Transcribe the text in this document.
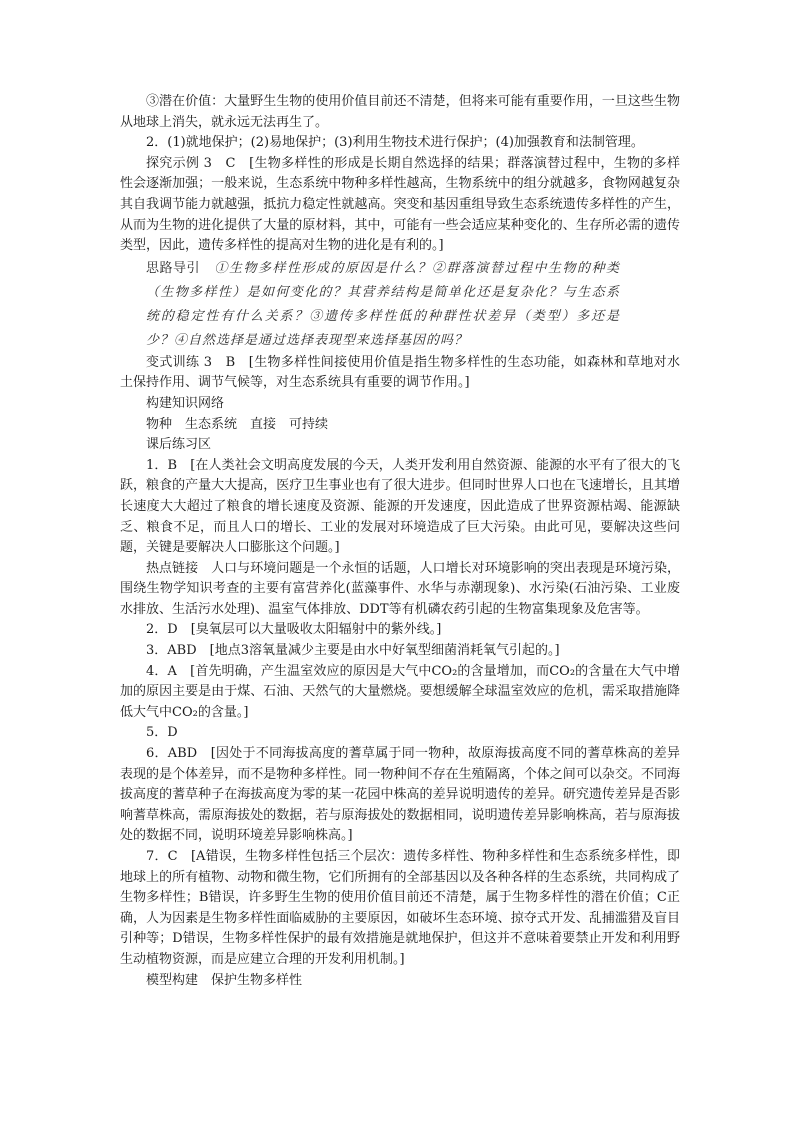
③潜在价值：大量野生生物的使用价值目前还不清楚，但将来可能有重要作用，一旦这些生物从地球上消失，就永远无法再生了。

2．(1)就地保护；(2)易地保护；(3)利用生物技术进行保护；(4)加强教育和法制管理。

探究示例 3　C　[生物多样性的形成是长期自然选择的结果；群落演替过程中，生物的多样性会逐渐加强；一般来说，生态系统中物种多样性越高，生物系统中的组分就越多，食物网越复杂其自我调节能力就越强，抵抗力稳定性就越高。突变和基因重组导致生态系统遗传多样性的产生，从而为生物的进化提供了大量的原材料，其中，可能有一些会适应某种变化的、生存所必需的遗传类型，因此，遗传多样性的提高对生物的进化是有利的。]

思路导引　 ①生物多样性形成的原因是什么？②群落演替过程中生物的种类（生物多样性）是如何变化的？其营养结构是简单化还是复杂化？与生态系统的稳定性有什么关系？③遗传多样性低的种群性状差异（类型）多还是少？④自然选择是通过选择表现型来选择基因的吗？

变式训练 3　B　[生物多样性间接使用价值是指生物多样性的生态功能，如森林和草地对水土保持作用、调节气候等，对生态系统具有重要的调节作用。]

构建知识网络

物种　生态系统　直接　可持续

课后练习区

1．B　[在人类社会文明高度发展的今天，人类开发利用自然资源、能源的水平有了很大的飞跃，粮食的产量大大提高，医疗卫生事业也有了很大进步。但同时世界人口也在飞速增长，且其增长速度大大超过了粮食的增长速度及资源、能源的开发速度，因此造成了世界资源枯竭、能源缺乏、粮食不足，而且人口的增长、工业的发展对环境造成了巨大污染。由此可见，要解决这些问题，关键是要解决人口膨胀这个问题。]

热点链接　人口与环境问题是一个永恒的话题，人口增长对环境影响的突出表现是环境污染，围绕生物学知识考查的主要有富营养化(蓝藻事件、水华与赤潮现象)、水污染(石油污染、工业废水排放、生活污水处理)、温室气体排放、DDT等有机磷农药引起的生物富集现象及危害等。

2．D　[臭氧层可以大量吸收太阳辐射中的紫外线。]

3．ABD　[地点3溶氧量减少主要是由水中好氧型细菌消耗氧气引起的。]

4．A　[首先明确，产生温室效应的原因是大气中CO₂的含量增加，而CO₂的含量在大气中增加的原因主要是由于煤、石油、天然气的大量燃烧。要想缓解全球温室效应的危机，需采取措施降低大气中CO₂的含量。]

5．D

6．ABD　[因处于不同海拔高度的蓍草属于同一物种，故原海拔高度不同的蓍草株高的差异表现的是个体差异，而不是物种多样性。同一物种间不存在生殖隔离，个体之间可以杂交。不同海拔高度的蓍草种子在海拔高度为零的某一花园中株高的差异说明遗传的差异。研究遗传差异是否影响蓍草株高，需原海拔处的数据，若与原海拔处的数据相同，说明遗传差异影响株高，若与原海拔处的数据不同，说明环境差异影响株高。]

7．C　[A错误，生物多样性包括三个层次：遗传多样性、物种多样性和生态系统多样性，即地球上的所有植物、动物和微生物，它们所拥有的全部基因以及各种各样的生态系统，共同构成了生物多样性；B错误，许多野生生物的使用价值目前还不清楚，属于生物多样性的潜在价值；C正确，人为因素是生物多样性面临威胁的主要原因，如破坏生态环境、掠夺式开发、乱捕滥猎及盲目引种等；D错误，生物多样性保护的最有效措施是就地保护，但这并不意味着要禁止开发和利用野生动植物资源，而是应建立合理的开发利用机制。]

模型构建　保护生物多样性
